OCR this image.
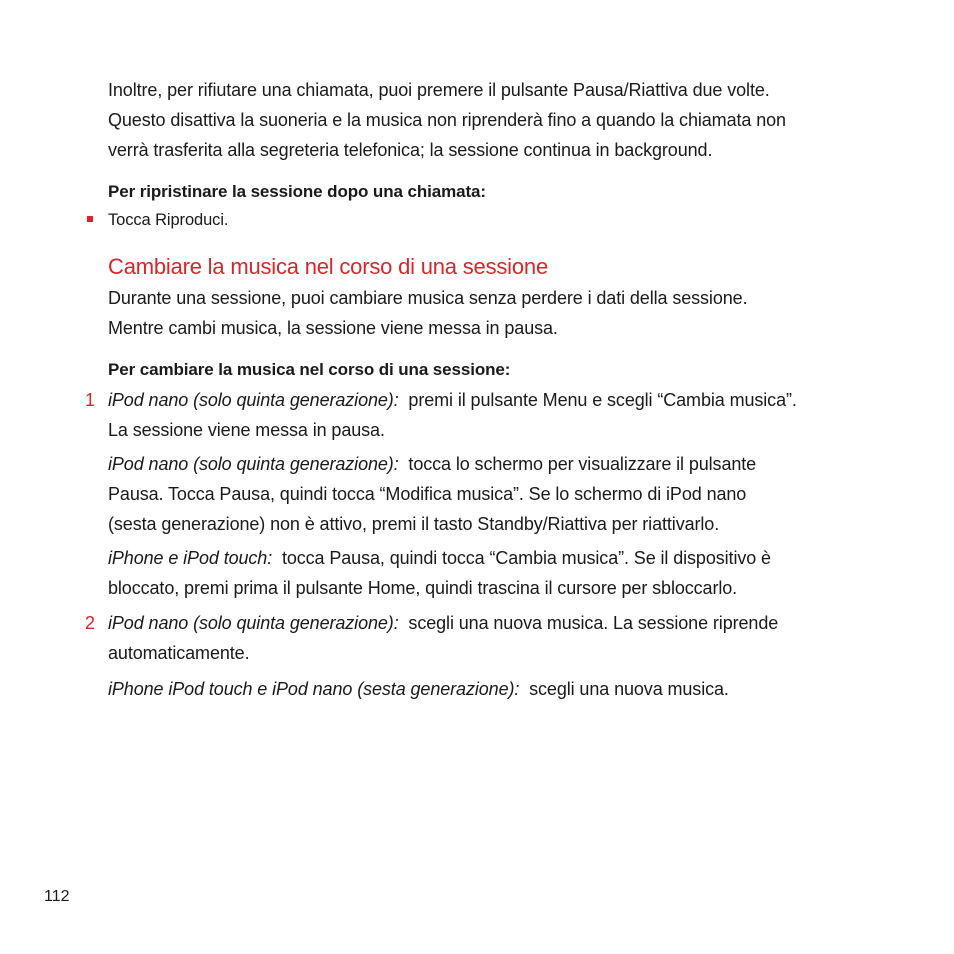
Inoltre, per rifiutare una chiamata, puoi premere il pulsante Pausa/Riattiva due volte.
Questo disattiva la suoneria e la musica non riprenderà fino a quando la chiamata non
verrà trasferita alla segreteria telefonica; la sessione continua in background.
Per ripristinare la sessione dopo una chiamata:
Tocca Riproduci.
Cambiare la musica nel corso di una sessione
Durante una sessione, puoi cambiare musica senza perdere i dati della sessione.
Mentre cambi musica, la sessione viene messa in pausa.
Per cambiare la musica nel corso di una sessione:
1 iPod nano (solo quinta generazione): premi il pulsante Menu e scegli “Cambia musica”.
La sessione viene messa in pausa.
iPod nano (solo quinta generazione): tocca lo schermo per visualizzare il pulsante
Pausa. Tocca Pausa, quindi tocca “Modifica musica”. Se lo schermo di iPod nano
(sesta generazione) non è attivo, premi il tasto Standby/Riattiva per riattivarlo.
iPhone e iPod touch: tocca Pausa, quindi tocca “Cambia musica”. Se il dispositivo è
bloccato, premi prima il pulsante Home, quindi trascina il cursore per sbloccarlo.
2 iPod nano (solo quinta generazione): scegli una nuova musica. La sessione riprende
automaticamente.
iPhone iPod touch e iPod nano (sesta generazione): scegli una nuova musica.
112
